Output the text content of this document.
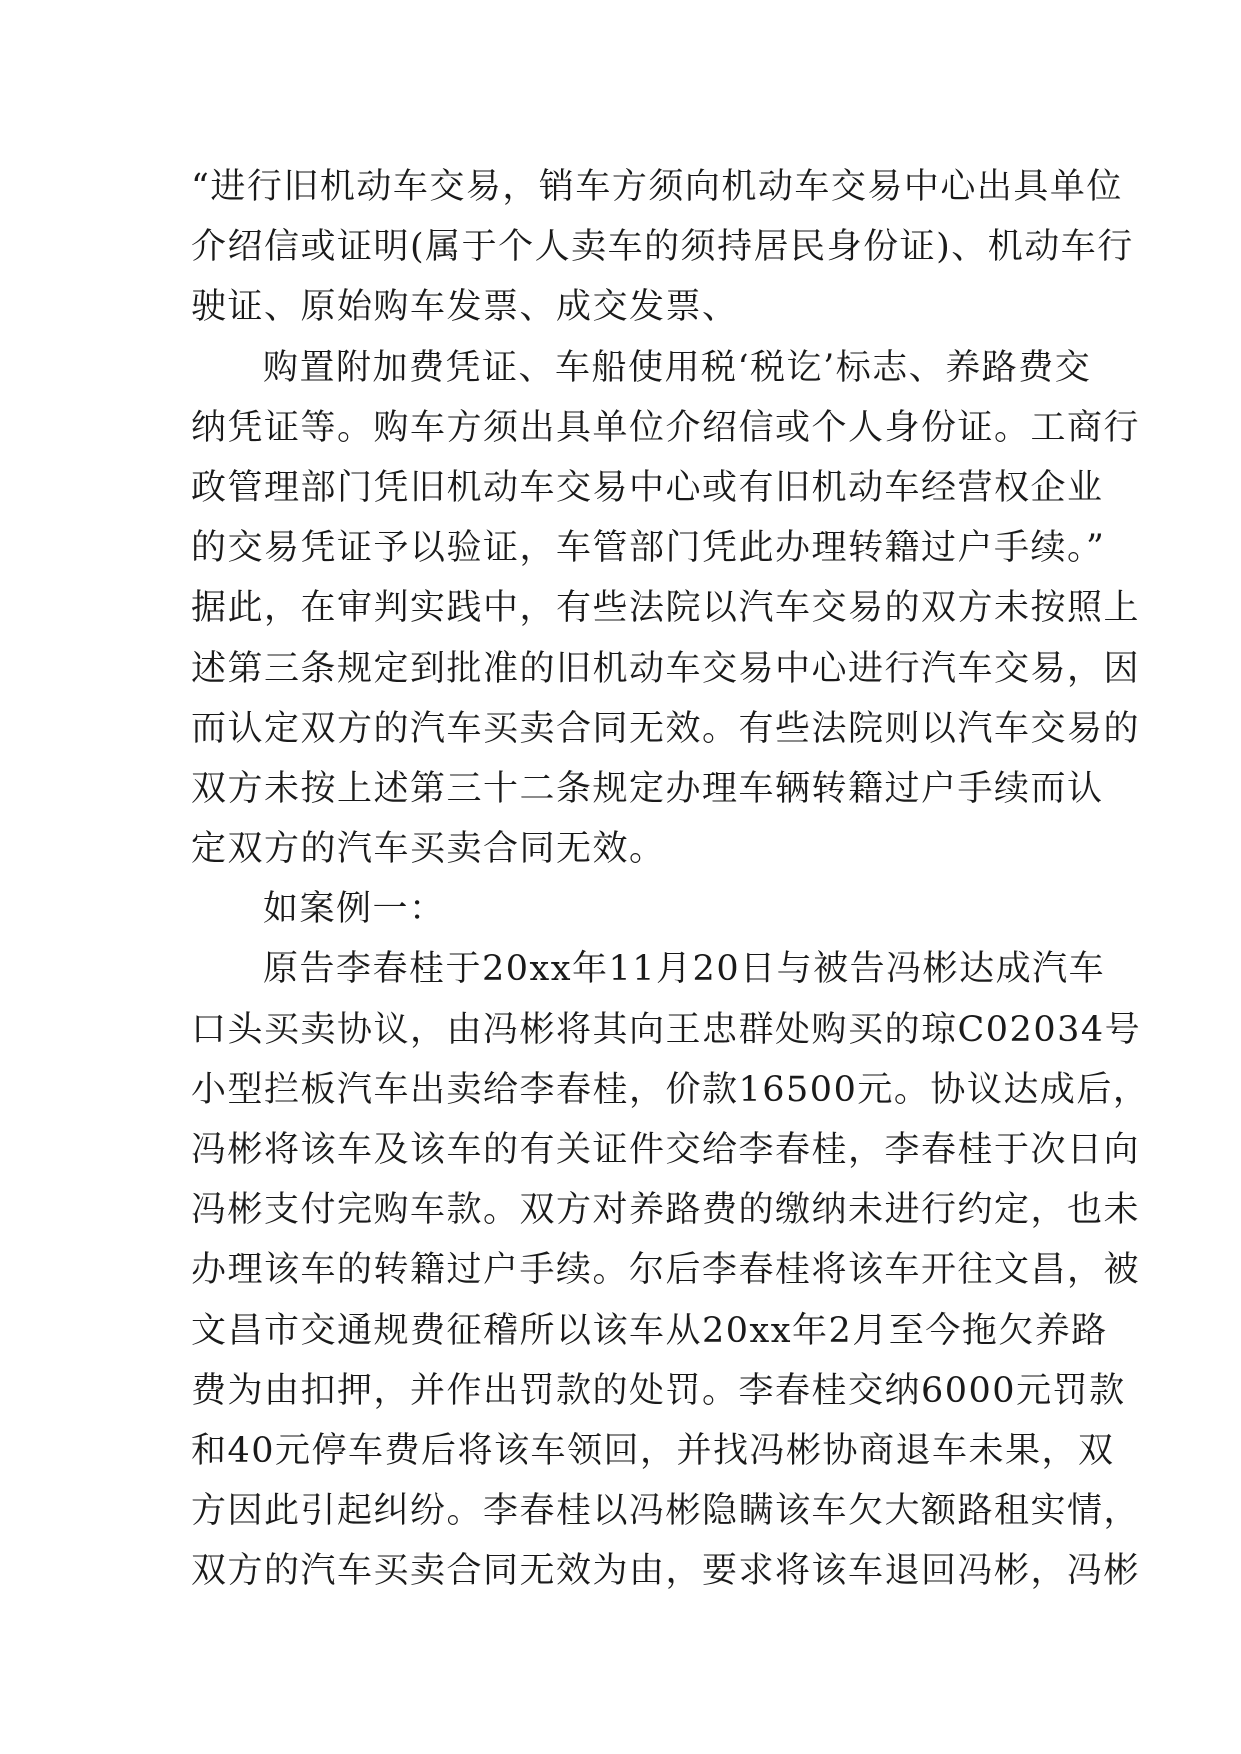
“进行旧机动车交易，销车方须向机动车交易中心出具单位
介绍信或证明(属于个人卖车的须持居民身份证)、机动车行
驶证、原始购车发票、成交发票、
购置附加费凭证、车船使用税‘税讫’标志、养路费交
纳凭证等。购车方须出具单位介绍信或个人身份证。工商行
政管理部门凭旧机动车交易中心或有旧机动车经营权企业
的交易凭证予以验证，车管部门凭此办理转籍过户手续。”
据此，在审判实践中，有些法院以汽车交易的双方未按照上
述第三条规定到批准的旧机动车交易中心进行汽车交易，因
而认定双方的汽车买卖合同无效。有些法院则以汽车交易的
双方未按上述第三十二条规定办理车辆转籍过户手续而认
定双方的汽车买卖合同无效。
如案例一：
原告李春桂于20xx年11月20日与被告冯彬达成汽车
口头买卖协议，由冯彬将其向王忠群处购买的琼C02034号
小型拦板汽车出卖给李春桂，价款16500元。协议达成后，
冯彬将该车及该车的有关证件交给李春桂，李春桂于次日向
冯彬支付完购车款。双方对养路费的缴纳未进行约定，也未
办理该车的转籍过户手续。尔后李春桂将该车开往文昌，被
文昌市交通规费征稽所以该车从20xx年2月至今拖欠养路
费为由扣押，并作出罚款的处罚。李春桂交纳6000元罚款
和40元停车费后将该车领回，并找冯彬协商退车未果，双
方因此引起纠纷。李春桂以冯彬隐瞒该车欠大额路租实情，
双方的汽车买卖合同无效为由，要求将该车退回冯彬，冯彬
